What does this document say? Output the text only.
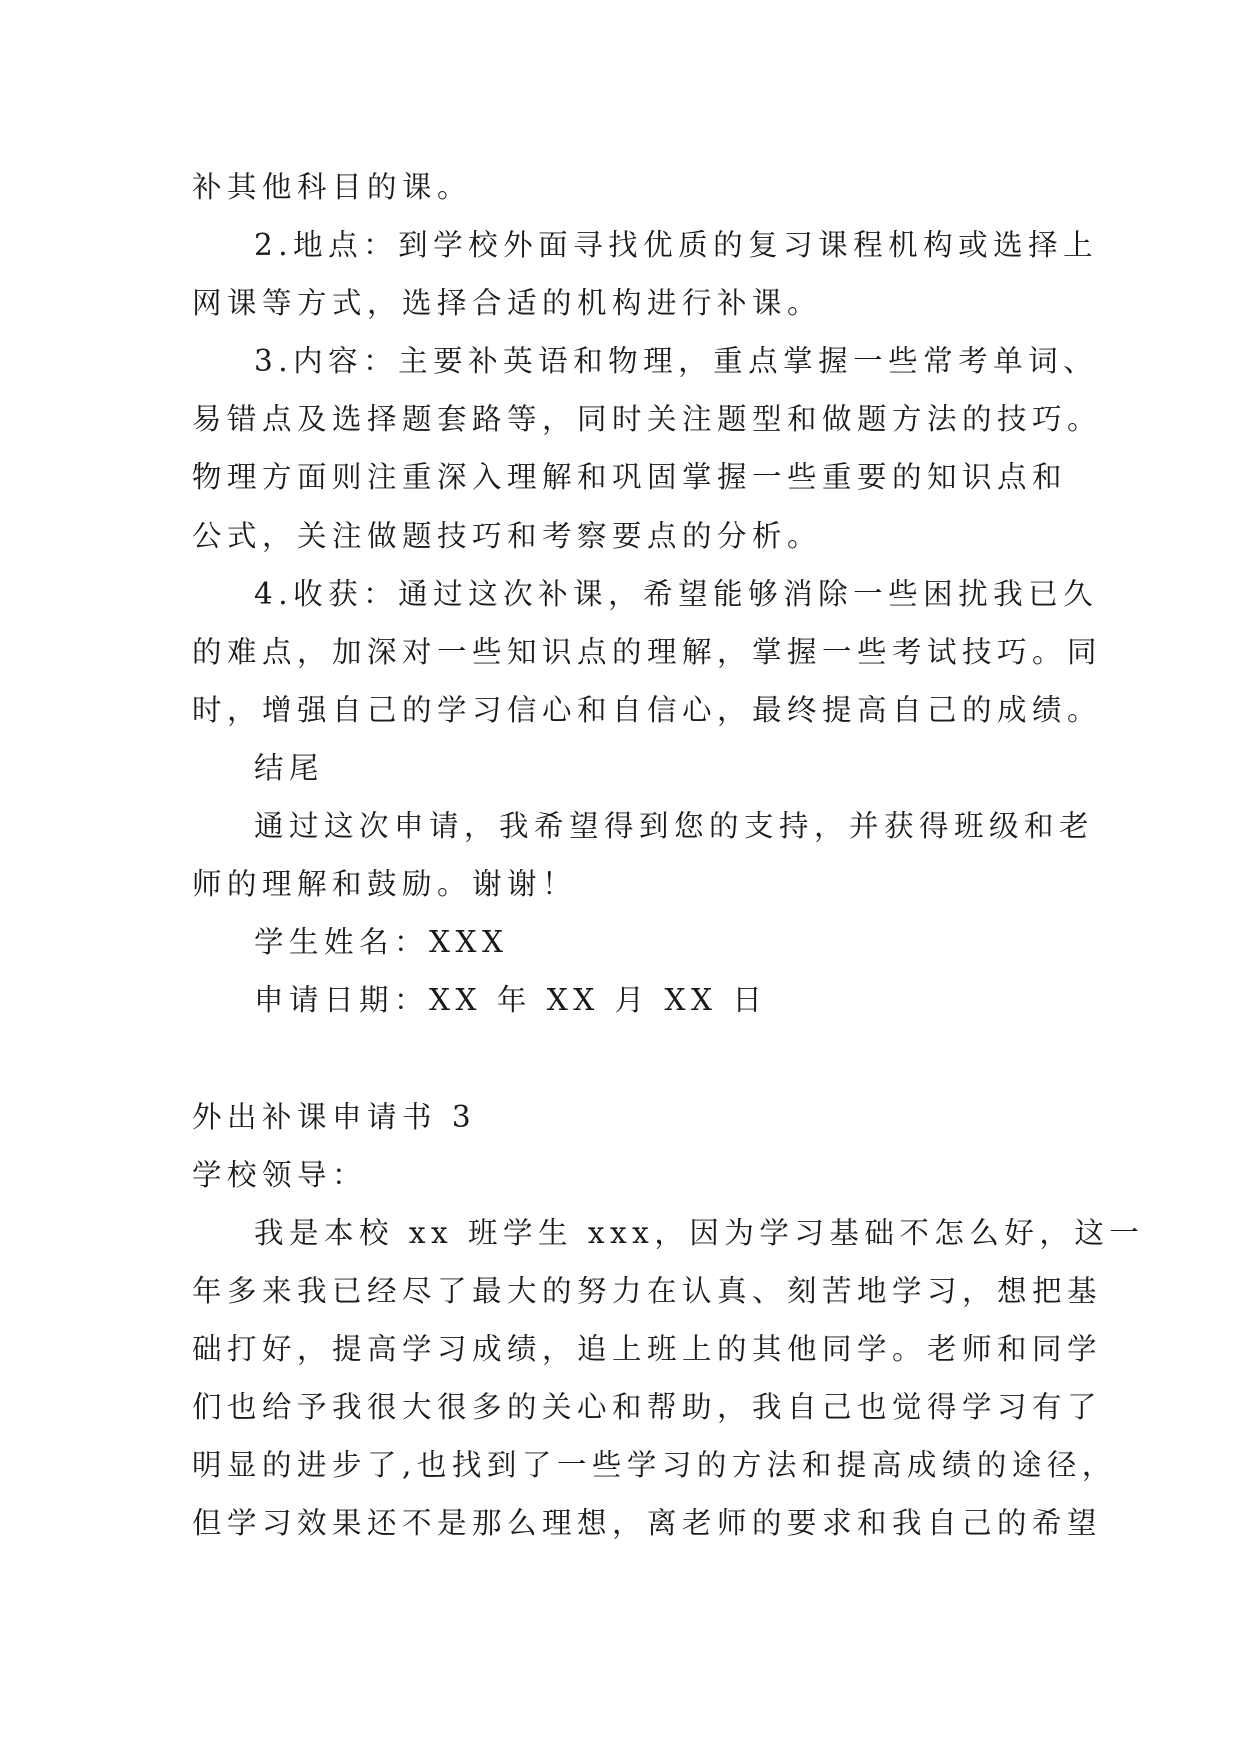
补其他科目的课。
2.地点：到学校外面寻找优质的复习课程机构或选择上
网课等方式，选择合适的机构进行补课。
3.内容：主要补英语和物理，重点掌握一些常考单词、
易错点及选择题套路等，同时关注题型和做题方法的技巧。
物理方面则注重深入理解和巩固掌握一些重要的知识点和
公式，关注做题技巧和考察要点的分析。
4.收获：通过这次补课，希望能够消除一些困扰我已久
的难点，加深对一些知识点的理解，掌握一些考试技巧。同
时，增强自己的学习信心和自信心，最终提高自己的成绩。
结尾
通过这次申请，我希望得到您的支持，并获得班级和老
师的理解和鼓励。谢谢！
学生姓名：XXX
申请日期：XX 年 XX 月 XX 日
外出补课申请书 3
学校领导：
我是本校 xx 班学生 xxx，因为学习基础不怎么好，这一
年多来我已经尽了最大的努力在认真、刻苦地学习，想把基
础打好，提高学习成绩，追上班上的其他同学。老师和同学
们也给予我很大很多的关心和帮助，我自己也觉得学习有了
明显的进步了,也找到了一些学习的方法和提高成绩的途径，
但学习效果还不是那么理想，离老师的要求和我自己的希望
